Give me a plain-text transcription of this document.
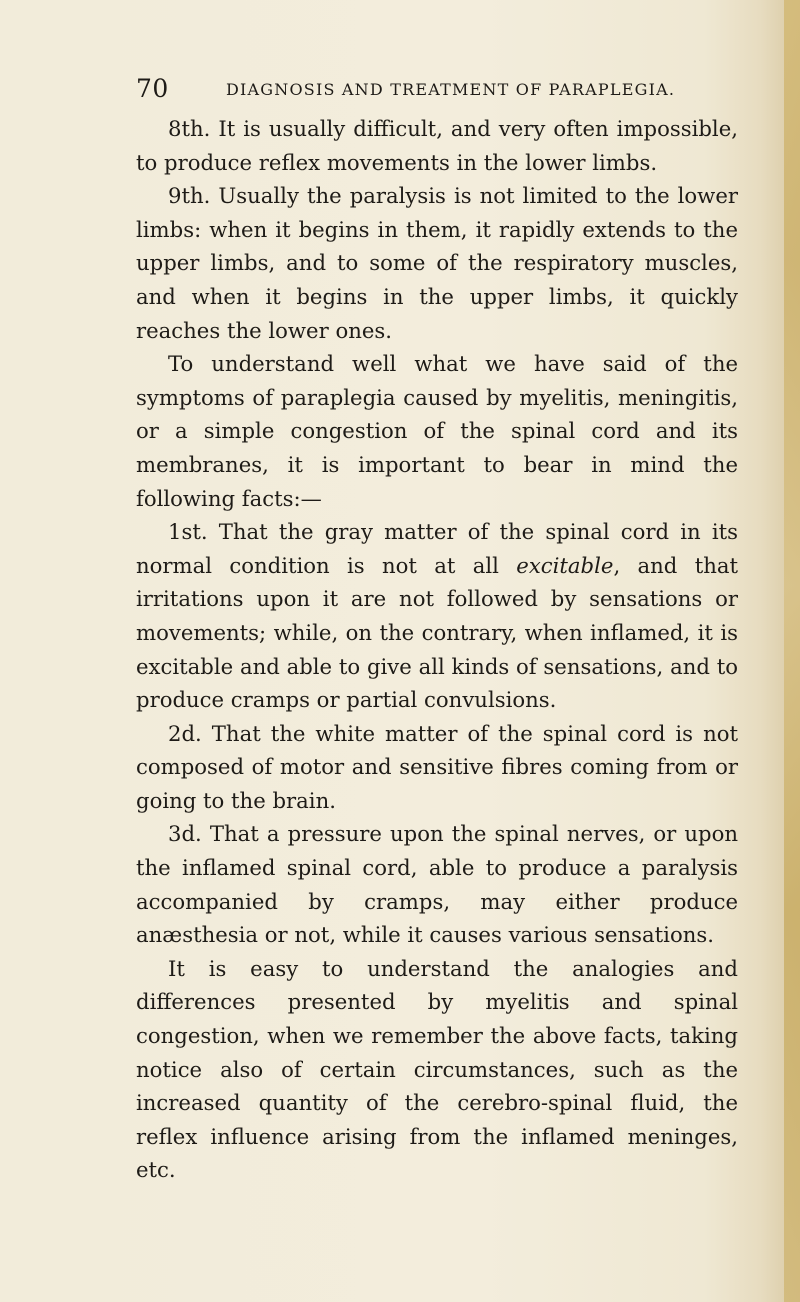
70	DIAGNOSIS AND TREATMENT OF PARAPLEGIA.

8th. It is usually difficult, and very often impossible, to produce reflex movements in the lower limbs.

9th. Usually the paralysis is not limited to the lower limbs: when it begins in them, it rapidly extends to the upper limbs, and to some of the respiratory muscles, and when it begins in the upper limbs, it quickly reaches the lower ones.

To understand well what we have said of the symptoms of paraplegia caused by myelitis, meningitis, or a simple congestion of the spinal cord and its membranes, it is important to bear in mind the following facts:—

1st. That the gray matter of the spinal cord in its normal condition is not at all excitable, and that irritations upon it are not followed by sensations or movements; while, on the contrary, when inflamed, it is excitable and able to give all kinds of sensations, and to produce cramps or partial convulsions.

2d. That the white matter of the spinal cord is not composed of motor and sensitive fibres coming from or going to the brain.

3d. That a pressure upon the spinal nerves, or upon the inflamed spinal cord, able to produce a paralysis accompanied by cramps, may either produce anæsthesia or not, while it causes various sensations.

It is easy to understand the analogies and differences presented by myelitis and spinal congestion, when we remember the above facts, taking notice also of certain circumstances, such as the increased quantity of the cerebro-spinal fluid, the reflex influence arising from the inflamed meninges, etc.
